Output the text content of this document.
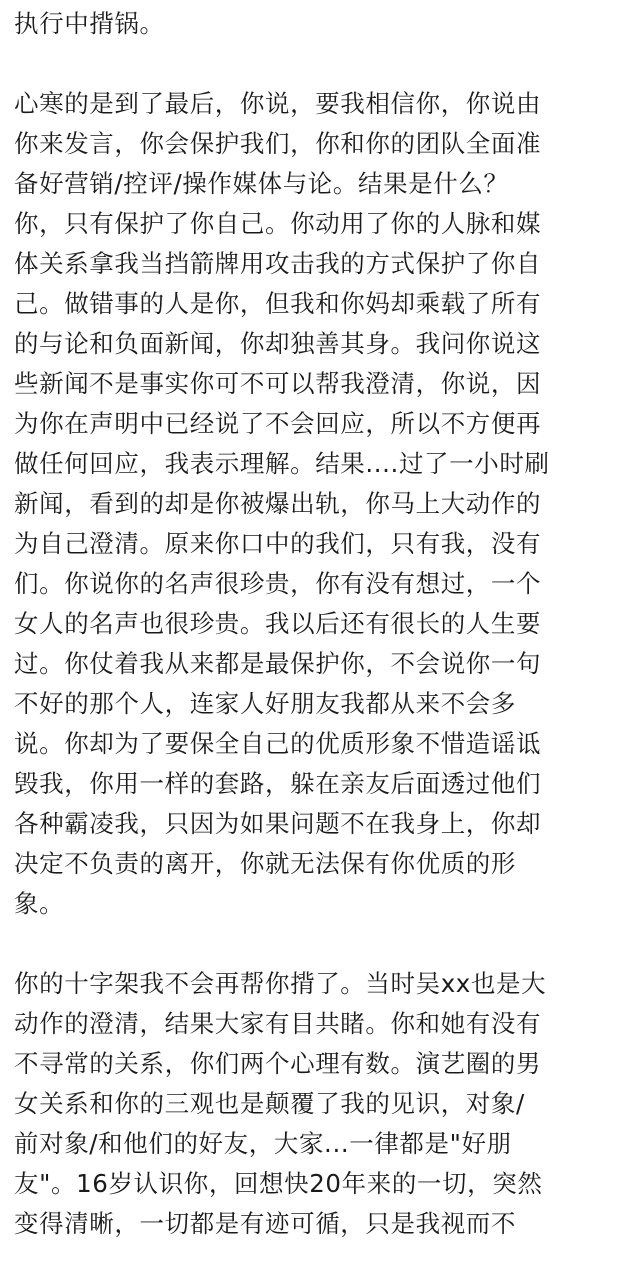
执行中揹锅。
心寒的是到了最后，你说，要我相信你，你说由
你来发言，你会保护我们，你和你的团队全面准
备好营销/控评/操作媒体与论。结果是什么？
你，只有保护了你自己。你动用了你的人脉和媒
体关系拿我当挡箭牌用攻击我的方式保护了你自
己。做错事的人是你，但我和你妈却乘载了所有
的与论和负面新闻，你却独善其身。我问你说这
些新闻不是事实你可不可以帮我澄清，你说，因
为你在声明中已经说了不会回应，所以不方便再
做任何回应，我表示理解。结果....过了一小时刷
新闻，看到的却是你被爆出轨，你马上大动作的
为自己澄清。原来你口中的我们，只有我，没有
们。你说你的名声很珍贵，你有没有想过，一个
女人的名声也很珍贵。我以后还有很长的人生要
过。你仗着我从来都是最保护你，不会说你一句
不好的那个人，连家人好朋友我都从来不会多
说。你却为了要保全自己的优质形象不惜造谣诋
毁我，你用一样的套路，躲在亲友后面透过他们
各种霸凌我，只因为如果问题不在我身上，你却
决定不负责的离开，你就无法保有你优质的形
象。
你的十字架我不会再帮你揹了。当时吴xx也是大
动作的澄清，结果大家有目共睹。你和她有没有
不寻常的关系，你们两个心理有数。演艺圈的男
女关系和你的三观也是颠覆了我的见识，对象/
前对象/和他们的好友，大家...一律都是"好朋
友"。16岁认识你，回想快20年来的一切，突然
变得清晰，一切都是有迹可循，只是我视而不
